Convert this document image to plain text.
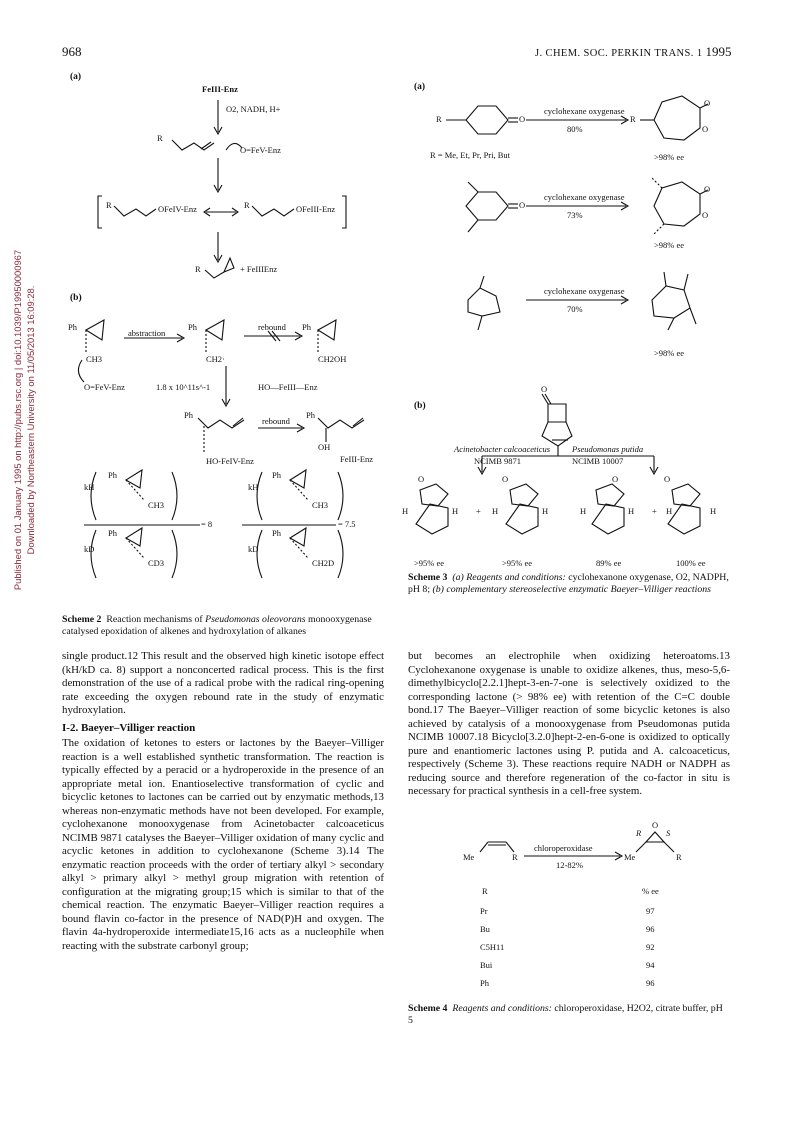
Published on 01 January 1995 on http://pubs.rsc.org | doi:10.1039/P19950000967 Downloaded by Northeastern University on 11/05/2013 16:09:28.
968	J. CHEM. SOC. PERKIN TRANS. 1 1995
(a)
FeIII-Enz
O2, NADH, H+
R
O=FeV-Enz
R	OFeIV-Enz	R	OFeIII-Enz
R	+ FeIIIEnz
(b)
Ph
abstraction
Ph	rebound Ph
CH3	CH2·	CH2OH
O=FeV-Enz	1.8 x 10^11s^-1	HO—FeIII—Enz
Ph
rebound
Ph
OH
HO-FeIV-Enz	FeIII-Enz
kH	kH
kD	kD
Ph
Ph
Ph
Ph
CH3
CD3
CH3
CH2D
= 8	= 7.5
Scheme 2 Reaction mechanisms of Pseudomonas oleovorans monooxygenase catalysed epoxidation of alkenes and hydroxylation of alkanes
(a)
R	O
cyclohexane oxygenase
80%
R
O
O
R = Me, Et, Pr, Pri, But	>98% ee
O
cyclohexane oxygenase
73%
O
O
>98% ee
cyclohexane oxygenase
70%
>98% ee
(b)
O
Acinetobacter calcoaceticus
NCIMB 9871
Pseudomonas putida
NCIMB 10007
O
H	H + H	H
O	O
H	H + H	H
O
>95% ee	>95% ee	89% ee	100% ee
Scheme 3 (a) Reagents and conditions: cyclohexanone oxygenase, O2, NADPH, pH 8; (b) complementary stereoselective enzymatic Baeyer–Villiger reactions
chloroperoxidase
12-82%
Me	R	Me	R
O
R	S
R	% ee
Pr	97
Bu	96
C5H11	92
Bui	94
Ph	96
Scheme 4 Reagents and conditions: chloroperoxidase, H2O2, citrate buffer, pH 5
single product.12 This result and the observed high kinetic isotope effect (kH/kD ca. 8) support a nonconcerted radical process. This is the first demonstration of the use of a radical probe with the radical ring-opening rate exceeding the oxygen rebound rate in the study of enzymatic hydroxylation.
I-2. Baeyer–Villiger reaction
The oxidation of ketones to esters or lactones by the Baeyer–Villiger reaction is a well established synthetic transformation. The reaction is typically effected by a peracid or a hydroperoxide in the presence of an appropriate metal ion. Enantioselective transformation of cyclic and bicyclic ketones to lactones can be carried out by enzymatic methods,13 whereas non-enzymatic methods have not been developed. For example, cyclohexanone monooxygenase from Acinetobacter calcoaceticus NCIMB 9871 catalyses the Baeyer–Villiger oxidation of many cyclic and acyclic ketones in addition to cyclohexanone (Scheme 3).14 The enzymatic reaction proceeds with the order of tertiary alkyl > secondary alkyl > primary alkyl > methyl group migration with retention of configuration at the migrating group;15 which is similar to that of the chemical reaction. The enzymatic Baeyer–Villiger reaction requires a bound flavin co-factor in the presence of NAD(P)H and oxygen. The flavin 4a-hydroperoxide intermediate15,16 acts as a nucleophile when reacting with the substrate carbonyl group;
but becomes an electrophile when oxidizing heteroatoms.13 Cyclohexanone oxygenase is unable to oxidize alkenes, thus, meso-5,6-dimethylbicyclo[2.2.1]hept-3-en-7-one is selectively oxidized to the corresponding lactone (> 98% ee) with retention of the C=C double bond.17 The Baeyer–Villiger reaction of some bicyclic ketones is also achieved by catalysis of a monooxygenase from Pseudomonas putida NCIMB 10007.18 Bicyclo[3.2.0]hept-2-en-6-one is oxidized to optically pure and enantiomeric lactones using P. putida and A. calcoaceticus, respectively (Scheme 3). These reactions require NADH or NADPH as reducing source and therefore regeneration of the co-factor in situ is necessary for practical synthesis in a cell-free system.
